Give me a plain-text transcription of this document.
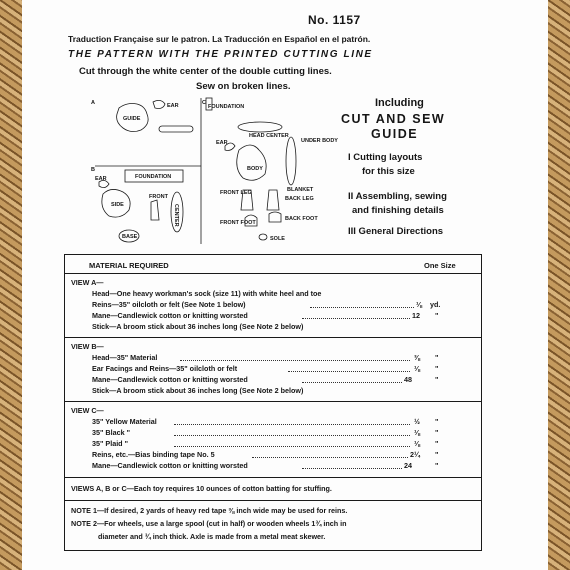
No. 1157
Traduction Française sur le patron. La Traducción en Español en el patrón.
THE PATTERN WITH THE PRINTED CUTTING LINE
Cut through the white center of the double cutting lines.
Sew on broken lines.
A
B
C
GUIDE
EAR
EAR	FOUNDATION
SIDE
FRONT
CENTER
BASE
FOUNDATION
HEAD CENTER
EAR
BODY
UNDER BODY
BLANKET
FRONT LEG
BACK LEG
FRONT FOOT
BACK FOOT
SOLE
Including
CUT AND SEW
GUIDE
I Cutting layouts
for this size
II Assembling, sewing
and finishing details
III General Directions
MATERIAL REQUIRED	One Size
VIEW A—
Head—One heavy workman's sock (size 11) with white heel and toe
Reins—35" oilcloth or felt (See Note 1 below)	⅛ yd.
Mane—Candlewick cotton or knitting worsted	12 "
Stick—A broom stick about 36 inches long (See Note 2 below)
VIEW B—
Head—35" Material	⅜ "
Ear Facings and Reins—35" oilcloth or felt	⅛ "
Mane—Candlewick cotton or knitting worsted	48	"
Stick—A broom stick about 36 inches long (See Note 2 below)
VIEW C—
35" Yellow Material	½ "
35" Black "	⅛ "
35" Plaid "	⅛ "
Reins, etc.—Bias binding tape No. 5	2¼ "
Mane—Candlewick cotton or knitting worsted	24	"
VIEWS A, B or C—Each toy requires 10 ounces of cotton batting for stuffing.
NOTE 1—If desired, 2 yards of heavy red tape ⅜ inch wide may be used for reins.
NOTE 2—For wheels, use a large spool (cut in half) or wooden wheels 1¾ inch in
diameter and ¾ inch thick. Axle is made from a metal meat skewer.
